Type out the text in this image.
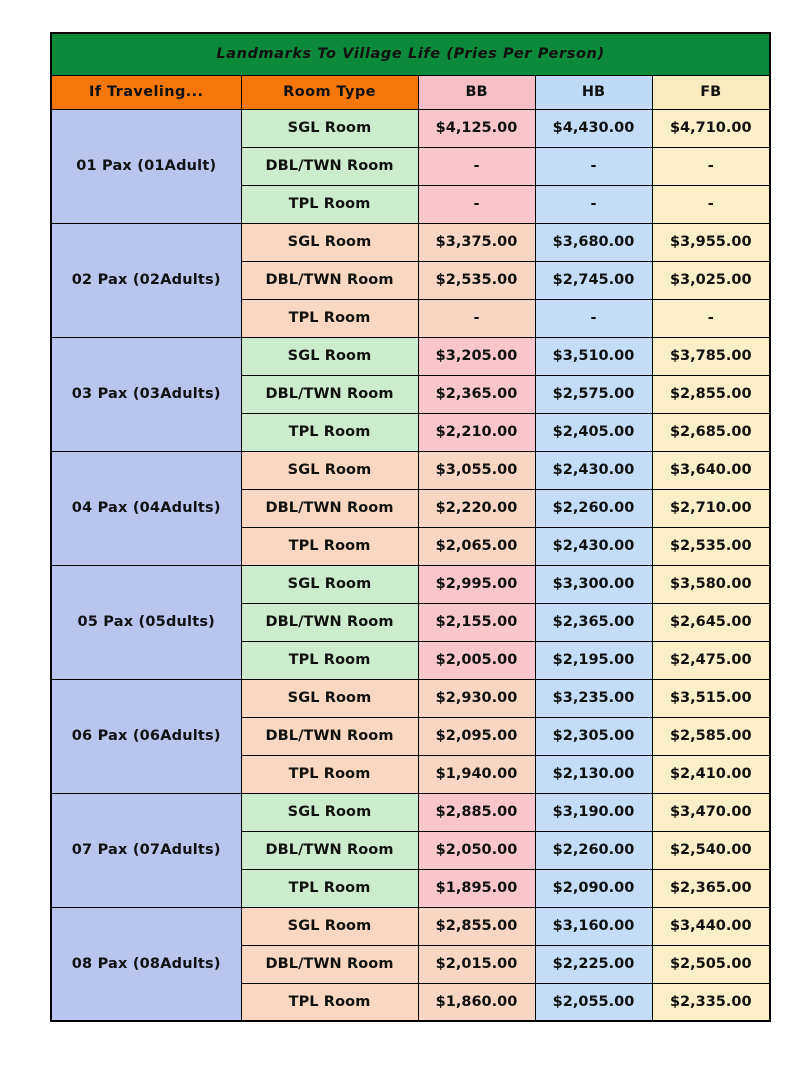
Landmarks To Village Life (Pries Per Person)				
If Traveling...	Room Type	BB	HB	FB
01 Pax (01Adult)	SGL Room	$4,125.00	$4,430.00	$4,710.00
	DBL/TWN Room	-	-	-
	TPL Room	-	-	-
02 Pax (02Adults)	SGL Room	$3,375.00	$3,680.00	$3,955.00
	DBL/TWN Room	$2,535.00	$2,745.00	$3,025.00
	TPL Room	-	-	-
03 Pax (03Adults)	SGL Room	$3,205.00	$3,510.00	$3,785.00
	DBL/TWN Room	$2,365.00	$2,575.00	$2,855.00
	TPL Room	$2,210.00	$2,405.00	$2,685.00
04 Pax (04Adults)	SGL Room	$3,055.00	$2,430.00	$3,640.00
	DBL/TWN Room	$2,220.00	$2,260.00	$2,710.00
	TPL Room	$2,065.00	$2,430.00	$2,535.00
05 Pax (05dults)	SGL Room	$2,995.00	$3,300.00	$3,580.00
	DBL/TWN Room	$2,155.00	$2,365.00	$2,645.00
	TPL Room	$2,005.00	$2,195.00	$2,475.00
06 Pax (06Adults)	SGL Room	$2,930.00	$3,235.00	$3,515.00
	DBL/TWN Room	$2,095.00	$2,305.00	$2,585.00
	TPL Room	$1,940.00	$2,130.00	$2,410.00
07 Pax (07Adults)	SGL Room	$2,885.00	$3,190.00	$3,470.00
	DBL/TWN Room	$2,050.00	$2,260.00	$2,540.00
	TPL Room	$1,895.00	$2,090.00	$2,365.00
08 Pax (08Adults)	SGL Room	$2,855.00	$3,160.00	$3,440.00
	DBL/TWN Room	$2,015.00	$2,225.00	$2,505.00
	TPL Room	$1,860.00	$2,055.00	$2,335.00
